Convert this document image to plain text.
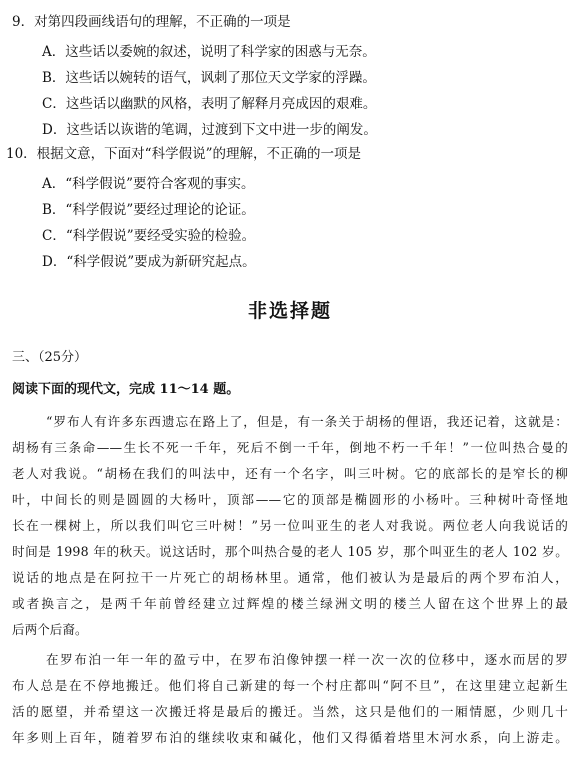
9．对第四段画线语句的理解，不正确的一项是
A．这些话以委婉的叙述，说明了科学家的困惑与无奈。
B．这些话以婉转的语气，讽刺了那位天文学家的浮躁。
C．这些话以幽默的风格，表明了解释月亮成因的艰难。
D．这些话以诙谐的笔调，过渡到下文中进一步的阐发。
10．根据文意，下面对“科学假说”的理解，不正确的一项是
A．“科学假说”要符合客观的事实。
B．“科学假说”要经过理论的论证。
C．“科学假说”要经受实验的检验。
D．“科学假说”要成为新研究起点。
非选择题
三、（25分）
阅读下面的现代文，完成 11～14 题。
“罗布人有许多东西遗忘在路上了，但是，有一条关于胡杨的俚语，我还记着，这就是：
胡杨有三条命——生长不死一千年，死后不倒一千年，倒地不朽一千年！”一位叫热合曼的
老人对我说。“胡杨在我们的叫法中，还有一个名字，叫三叶树。它的底部长的是窄长的柳
叶，中间长的则是圆圆的大杨叶，顶部——它的顶部是椭圆形的小杨叶。三种树叶奇怪地
长在一棵树上，所以我们叫它三叶树！”另一位叫亚生的老人对我说。两位老人向我说话的
时间是 1998 年的秋天。说这话时，那个叫热合曼的老人 105 岁，那个叫亚生的老人 102 岁。
说话的地点是在阿拉干一片死亡的胡杨林里。通常，他们被认为是最后的两个罗布泊人，
或者换言之，是两千年前曾经建立过辉煌的楼兰绿洲文明的楼兰人留在这个世界上的最
后两个后裔。
在罗布泊一年一年的盈亏中，在罗布泊像钟摆一样一次一次的位移中，逐水而居的罗
布人总是在不停地搬迁。他们将自己新建的每一个村庄都叫“阿不旦”，在这里建立起新生
活的愿望，并希望这一次搬迁将是最后的搬迁。当然，这只是他们的一厢情愿，少则几十
年多则上百年，随着罗布泊的继续收束和碱化，他们又得循着塔里木河水系，向上游走。
